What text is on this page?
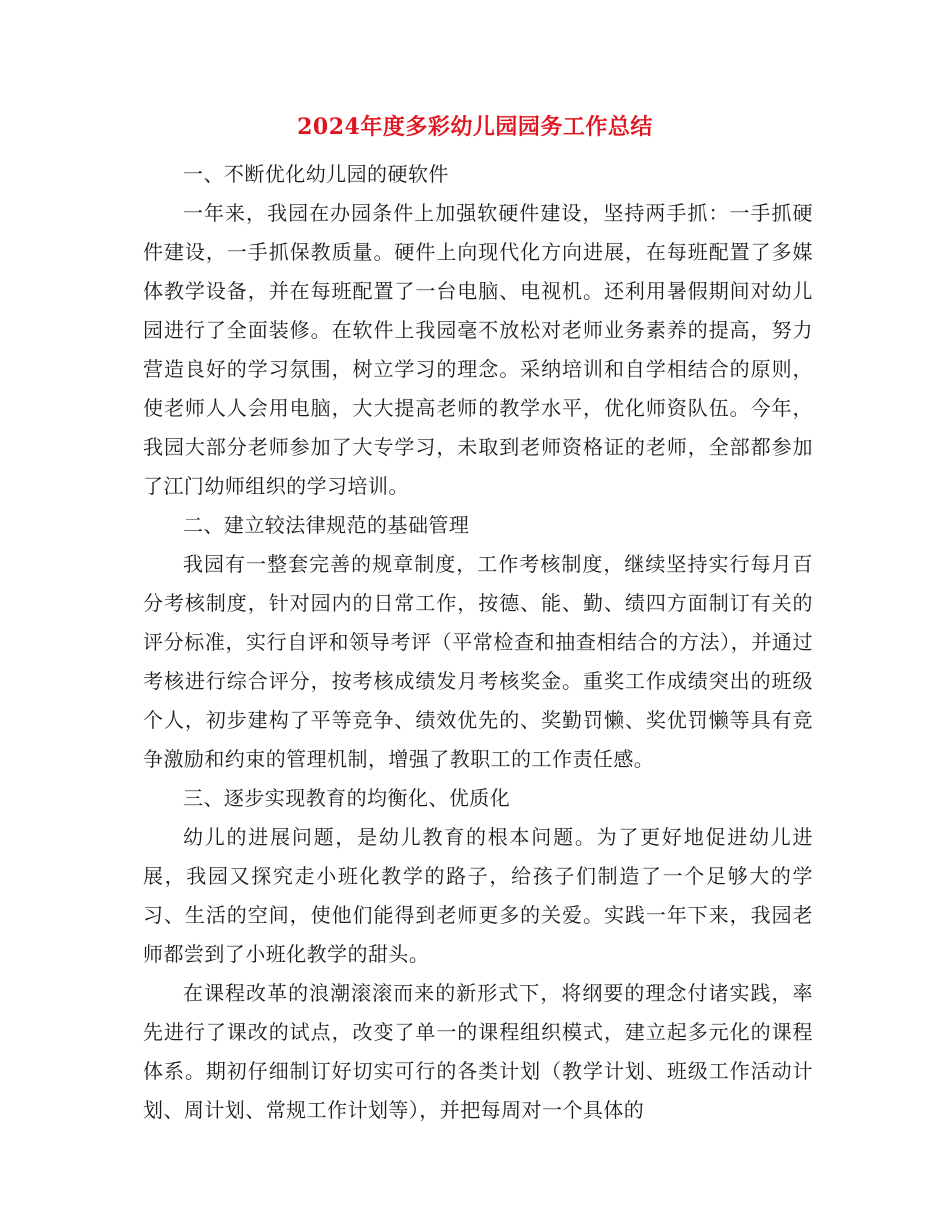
2024年度多彩幼儿园园务工作总结

一、不断优化幼儿园的硬软件

一年来，我园在办园条件上加强软硬件建设，坚持两手抓：一手抓硬件建设，一手抓保教质量。硬件上向现代化方向进展，在每班配置了多媒体教学设备，并在每班配置了一台电脑、电视机。还利用暑假期间对幼儿园进行了全面装修。在软件上我园毫不放松对老师业务素养的提高，努力营造良好的学习氛围，树立学习的理念。采纳培训和自学相结合的原则，使老师人人会用电脑，大大提高老师的教学水平，优化师资队伍。今年，我园大部分老师参加了大专学习，未取到老师资格证的老师，全部都参加了江门幼师组织的学习培训。

二、建立较法律规范的基础管理

我园有一整套完善的规章制度，工作考核制度，继续坚持实行每月百分考核制度，针对园内的日常工作，按德、能、勤、绩四方面制订有关的评分标准，实行自评和领导考评（平常检查和抽查相结合的方法），并通过考核进行综合评分，按考核成绩发月考核奖金。重奖工作成绩突出的班级个人，初步建构了平等竞争、绩效优先的、奖勤罚懒、奖优罚懒等具有竞争激励和约束的管理机制，增强了教职工的工作责任感。

三、逐步实现教育的均衡化、优质化

幼儿的进展问题，是幼儿教育的根本问题。为了更好地促进幼儿进展，我园又探究走小班化教学的路子，给孩子们制造了一个足够大的学习、生活的空间，使他们能得到老师更多的关爱。实践一年下来，我园老师都尝到了小班化教学的甜头。

在课程改革的浪潮滚滚而来的新形式下，将纲要的理念付诸实践，率先进行了课改的试点，改变了单一的课程组织模式，建立起多元化的课程体系。期初仔细制订好切实可行的各类计划（教学计划、班级工作活动计划、周计划、常规工作计划等），并把每周对一个具体的
